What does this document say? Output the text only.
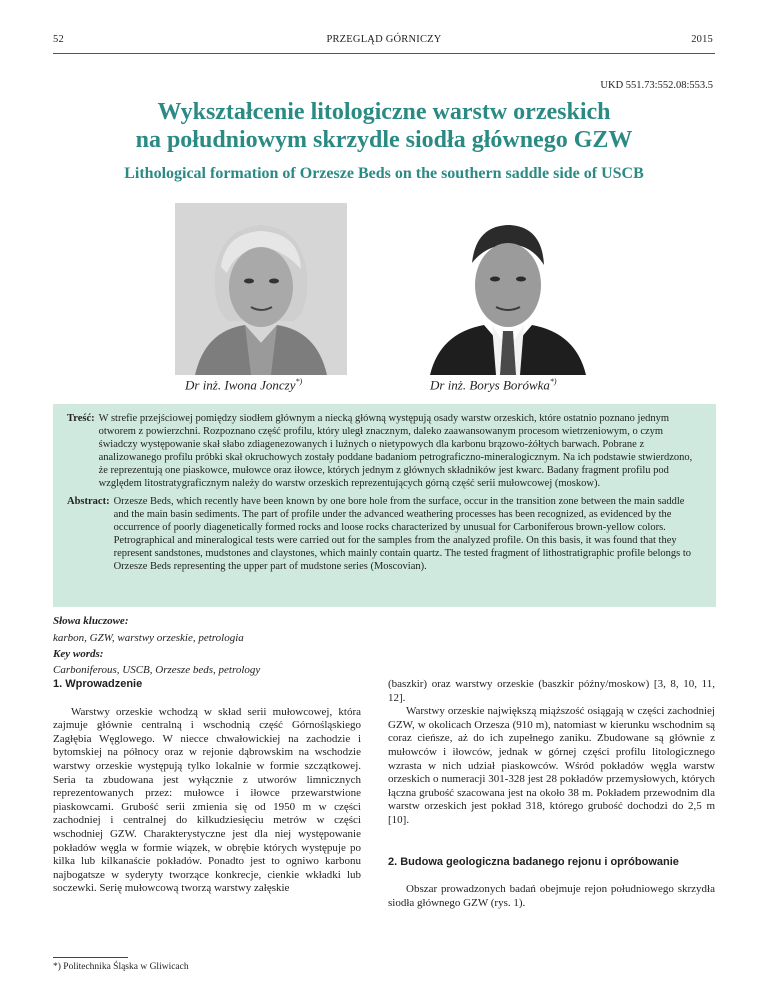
52	PRZEGLĄD GÓRNICZY	2015
UKD 551.73:552.08:553.5
Wykształcenie litologiczne warstw orzeskich
na południowym skrzydle siodła głównego GZW
Lithological formation of Orzesze Beds on the southern saddle side of USCB
Dr inż. Iwona Jonczy*)	Dr inż. Borys Borówka*)
Treść: W strefie przejściowej pomiędzy siodłem głównym a niecką główną występują osady warstw orzeskich, które ostatnio poznano jednym otworem z powierzchni. Rozpoznano część profilu, który uległ znacznym, daleko zaawansowanym procesom wietrzeniowym, o czym świadczy występowanie skał słabo zdiagenezowanych i luźnych o nietypowych dla karbonu brązowo-żółtych barwach. Pobrane z analizowanego profilu próbki skał okruchowych zostały poddane badaniom petrograficzno-mineralogicznym. Na ich podstawie stwierdzono, że reprezentują one piaskowce, mułowce oraz iłowce, których jednym z głównych składników jest kwarc. Badany fragment profilu pod względem litostratygraficznym należy do warstw orzeskich reprezentujących górną część serii mułowcowej (moskow).
Abstract: Orzesze Beds, which recently have been known by one bore hole from the surface, occur in the transition zone between the main saddle and the main basin sediments. The part of profile under the advanced weathering processes has been recognized, as evidenced by the occurrence of poorly diagenetically formed rocks and loose rocks characterized by unusual for Carboniferous brown-yellow colors. Petrographical and mineralogical tests were carried out for the samples from the analyzed profile. On this basis, it was found that they represent sandstones, mudstones and claystones, which mainly contain quartz. The tested fragment of lithostratigraphic profile belongs to Orzesze Beds representing the upper part of mudstone series (Moscovian).
Słowa kluczowe:
karbon, GZW, warstwy orzeskie, petrologia
Key words:
Carboniferous, USCB, Orzesze beds, petrology
1. Wprowadzenie

Warstwy orzeskie wchodzą w skład serii mułowcowej, która zajmuje głównie centralną i wschodnią część Górnośląskiego Zagłębia Węglowego. W niecce chwałowickiej na zachodzie i bytomskiej na północy oraz w rejonie dąbrowskim na wschodzie warstwy orzeskie występują tylko lokalnie w formie szczątkowej. Seria ta zbudowana jest wyłącznie z utworów limnicznych reprezentowanych przez: mułowce i iłowce przewarstwione piaskowcami. Grubość serii zmienia się od 1950 m w części zachodniej i centralnej do kilkudziesięciu metrów w części wschodniej GZW. Charakterystyczne jest dla niej występowanie pokładów węgla w formie wiązek, w obrębie których występuje po kilka lub kilkanaście pokładów. Ponadto jest to ogniwo karbonu najbogatsze w syderyty tworzące konkrecje, cienkie wkładki lub soczewki. Serię mułowcową tworzą warstwy załęskie

(baszkir) oraz warstwy orzeskie (baszkir późny/moskow) [3, 8, 10, 11, 12].

Warstwy orzeskie największą miąższość osiągają w części zachodniej GZW, w okolicach Orzesza (910 m), natomiast w kierunku wschodnim są coraz cieńsze, aż do ich zupełnego zaniku. Zbudowane są głównie z mułowców i iłowców, jednak w górnej części profilu litologicznego wzrasta w nich udział piaskowców. Wśród pokładów węgla warstw orzeskich o numeracji 301-328 jest 28 pokładów przemysłowych, których łączna grubość szacowana jest na około 38 m. Pokładem przewodnim dla warstw orzeskich jest pokład 318, którego grubość dochodzi do 2,5 m [10].

2. Budowa geologiczna badanego rejonu i opróbowanie

Obszar prowadzonych badań obejmuje rejon południowego skrzydła siodła głównego GZW (rys. 1).

*) Politechnika Śląska w Gliwicach
